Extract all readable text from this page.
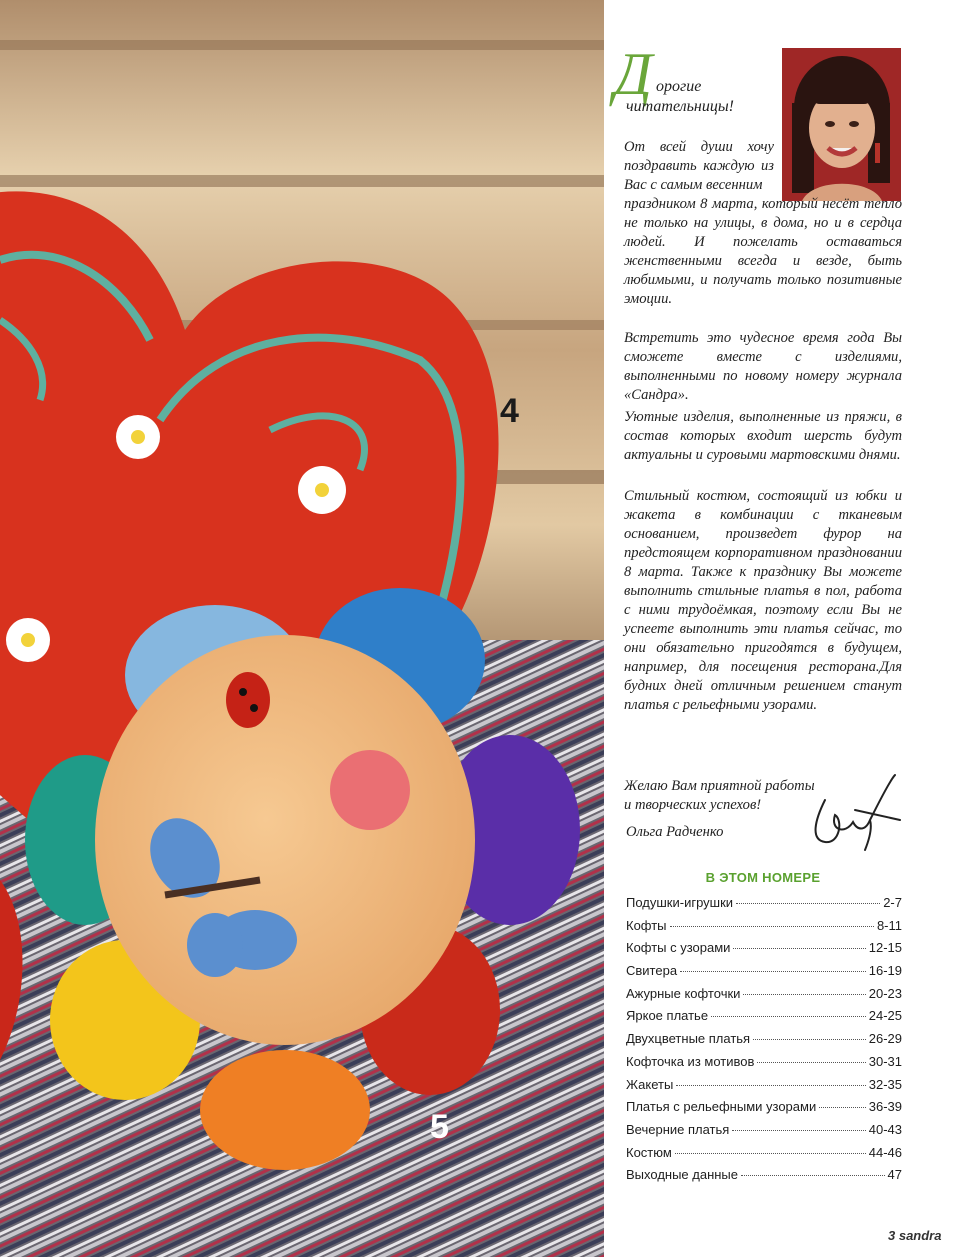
4
5
Д орогие
читательницы!
От всей души хочу поздравить каждую из Вас с самым весенним
праздником 8 марта, который несёт тепло не только на улицы, в дома, но и в сердца людей. И пожелать оставаться женственными всегда и везде, быть любимыми, и получать только позитивные эмоции.

Встретить это чудесное время года Вы сможете вместе с изделиями, выполненными по новому номеру журнала «Сандра».

Уютные изделия, выполненные из пряжи, в состав которых входит шерсть будут актуальны и суровыми мартовскими днями.

Стильный костюм, состоящий из юбки и жакета в комбинации с тканевым основанием, произведет фурор на предстоящем корпоративном праздновании 8 марта. Также к празднику Вы можете выполнить стильные платья в пол, работа с ними трудоёмкая, поэтому если Вы не успеете выполнить эти платья сейчас, то они обязательно пригодятся в будущем, например, для посещения ресторана.Для будних дней отличным решением станут платья с рельефными узорами.

Желаю Вам приятной работы
и творческих успехов!
Ольга Радченко
В ЭТОМ НОМЕРЕ
Подушки-игрушки	2-7
Кофты	8-11
Кофты с узорами	12-15
Свитера	16-19
Ажурные кофточки	20-23
Яркое платье	24-25
Двухцветные платья	26-29
Кофточка из мотивов	30-31
Жакеты	32-35
Платья с рельефными узорами	36-39
Вечерние платья	40-43
Костюм	44-46
Выходные данные	47
3 sandra
